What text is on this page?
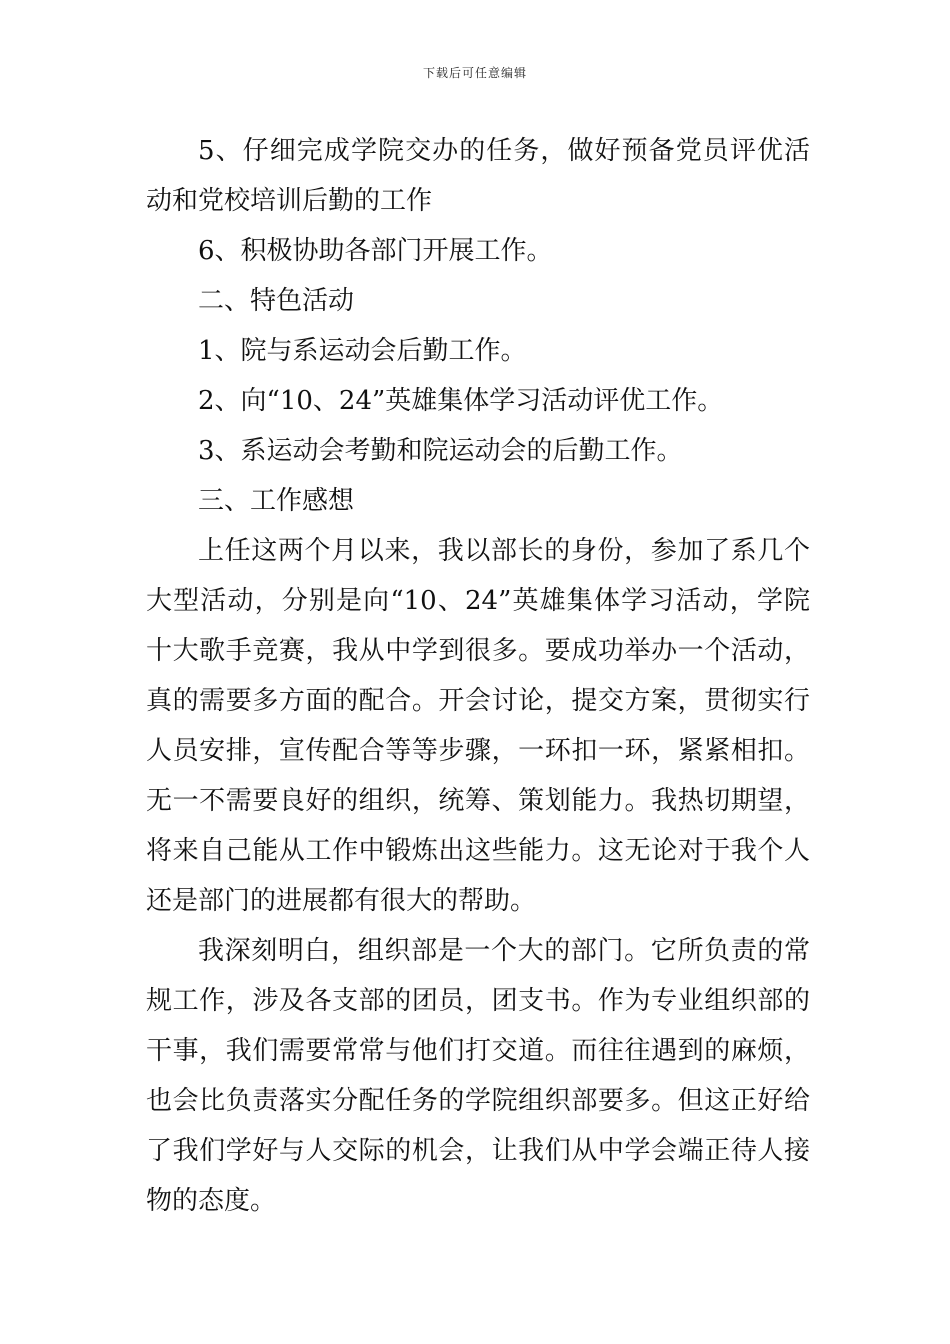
下载后可任意编辑

5、仔细完成学院交办的任务，做好预备党员评优活动和党校培训后勤的工作

6、积极协助各部门开展工作。

二、特色活动

1、院与系运动会后勤工作。

2、向“10、24”英雄集体学习活动评优工作。

3、系运动会考勤和院运动会的后勤工作。

三、工作感想

上任这两个月以来，我以部长的身份，参加了系几个大型活动，分别是向“10、24”英雄集体学习活动，学院十大歌手竞赛，我从中学到很多。要成功举办一个活动，真的需要多方面的配合。开会讨论，提交方案，贯彻实行人员安排，宣传配合等等步骤，一环扣一环，紧紧相扣。无一不需要良好的组织，统筹、策划能力。我热切期望，将来自己能从工作中锻炼出这些能力。这无论对于我个人还是部门的进展都有很大的帮助。

我深刻明白，组织部是一个大的部门。它所负责的常规工作，涉及各支部的团员，团支书。作为专业组织部的干事，我们需要常常与他们打交道。而往往遇到的麻烦，也会比负责落实分配任务的学院组织部要多。但这正好给了我们学好与人交际的机会，让我们从中学会端正待人接物的态度。
